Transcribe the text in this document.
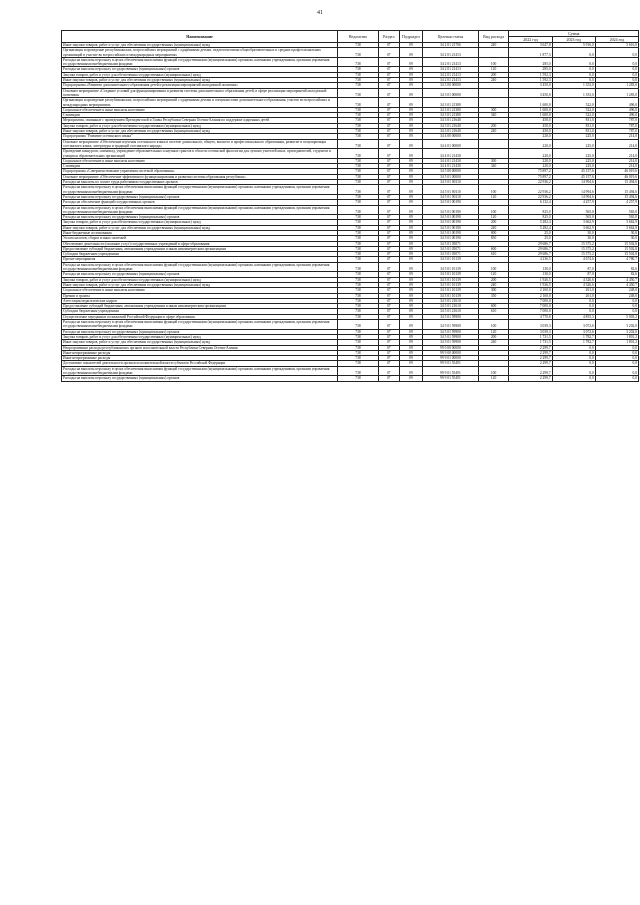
41
Наименование	Ведомство	Раздел	Подраздел	Целевая статья	Вид расхода	Сумма		
						2022 год	2023 год	2024 год
Иные закупки товаров, работ и услуг для обеспечения государственных (муниципальных) нужд	738	07	09	34 2 01 21706	240	3 647,8	5 916,0	5 616,0
Организация и проведение республиканских, всероссийских мероприятий с одарёнными детьми, педагогическими общеобразовательных и средних профессиональных организаций в участие во всероссийских и международных мероприятиях	738	07	09	34 2 01 21413		1 877,3	0,0	0,0
Расходы на выплаты персоналу в целях обеспечения выполнения функций государственными (муниципальными) органами, казенными учреждениями, органами управления государственными внебюджетными фондами	738	07	09	34 2 01 21413	100	285,0	0,0	0,0
Расходы на выплаты персоналу государственных (муниципальных) органов	738	07	09	34 2 01 21413	120	285,0	0,0	0,0
Закупка товаров, работ и услуг для обеспечения государственных (муниципальных) нужд	738	07	09	34 2 01 21413	200	1 592,3	0,0	0,0
Иные закупки товаров, работ и услуг для обеспечения государственных (муниципальных) нужд	738	07	09	34 2 01 21413	240	1 592,3	0,0	0,0
Подпрограмма «Развитие дополнительного образования детей и реализация мероприятий молодежной политики»	738	07	09	34 3 00 00000		3 450,0	1 353,0	1 283,0
Основное мероприятие «Создание условий для функционирования и развития системы дополнительного образования детей, в сфере реализации мероприятий молодежной политики»	738	07	09	34 3 01 00000		3 450,0	1 353,0	1 283,0
Организация и проведение республиканских, всероссийских мероприятий с одаренными детьми и специалистами дополнительного образования, участие во всероссийских и международных мероприятиях	738	07	09	34 3 01 21380		1 600,0	522,0	496,0
Социальное обеспечение и иные выплаты населению	738	07	09	34 3 01 21380	300	1 600,0	522,0	496,0
Стипендии	738	07	09	34 3 01 21380	340	1 600,0	522,0	496,0
Мероприятия, связанные с проведением Президентской и Главы Республики Северная Осетия-Алания по поддержке одаренных детей	738	07	09	34 3 01 21640		450,0	831,0	787,0
Закупка товаров, работ и услуг для обеспечения государственных (муниципальных) нужд	738	07	09	34 3 01 21640	200	450,0	831,0	787,0
Иные закупки товаров, работ и услуг для обеспечения государственных (муниципальных) нужд	738	07	09	34 3 01 21640	240	450,0	831,0	787,0
Подпрограмма "Развитие осетинского языка"	738	07	09	34 4 00 00000		220,0	225,0	214,0
Основное мероприятие «Обеспечение изучения осетинского языка в системе дошкольного, общего, высшего и профессионального образования, развитие и популяризация осетинского языка, литературы и традиций осетинского народа»	738	07	09	34 4 01 00000		220,0	225,0	214,0
Проведение конкурсов, олимпиад, учреждение образовательных и научных грантов в области осетинской филологии для лучших учителей школ, преподавателей, студентов и учащихся образовательных организаций	738	07	09	34 4 01 21430		220,0	225,0	214,0
Социальное обеспечение и иные выплаты населению	738	07	09	34 4 01 21430	300	220,0	225,0	214,0
Стипендии	738	07	09	34 4 01 21430	340	220,0	225,0	214,0
Подпрограмма «Совершенствование управления системой образования»	738	07	09	34 5 00 00000		75 897,2	45 157,6	46 019,6
Основное мероприятие «Обеспечение эффективного функционирования и развития системы образования республики»	738	07	09	34 5 01 00000		75 897,2	45 157,6	46 019,6
Расходы на выплаты по оплате труда работников государственных органов	738	07	09	34 5 01 00110		22 936,2	14 994,6	15 494,6
Расходы на выплаты персоналу в целях обеспечения выполнения функций государственными (муниципальными) органами, казенными учреждениями, органами управления государственными внебюджетными фондами	738	07	09	34 5 01 00110	100	22 936,2	14 994,6	15 494,6
Расходы на выплаты персоналу государственных (муниципальных) органов	738	07	09	34 5 01 00110	120	22 936,2	14 994,6	15 494,6
Расходы на обеспечение функций государственных органов	738	07	09	34 5 01 00190		6 132,4	4 257,9	4 257,9
Расходы на выплаты персоналу в целях обеспечения выполнения функций государственными (муниципальными) органами, казенными учреждениями, органами управления государственными внебюджетными фондами	738	07	09	34 5 01 00190	100	825,0	565,0	565,0
Расходы на выплаты персоналу государственных (муниципальных) органов	738	07	09	34 5 01 00190	120	825,0	565,0	565,0
Закупка товаров, работ и услуг для обеспечения государственных (муниципальных) нужд	738	07	09	34 5 01 00190	200	5 282,4	3 662,9	3 662,9
Иные закупки товаров, работ и услуг для обеспечения государственных (муниципальных) нужд	738	07	09	34 5 01 00190	240	5 282,4	3 662,9	3 662,9
Иные бюджетные ассигнования	738	07	09	34 5 01 00190	800	25,0	30,0	30,0
Уплата налогов, сборов и иных платежей	738	07	09	34 5 01 00190	850	25,0	30,0	30,0
Обеспечение деятельности (оказание услуг) государственных учреждений в сфере образования	738	07	09	34 5 01 05071		29 686,7	15 375,2	15 502,8
Предоставление субсидий бюджетным, автономным учреждениям и иным некоммерческим организациям	738	07	09	34 5 01 05071	600	29 686,7	15 375,2	15 502,8
Субсидии бюджетным учреждениям	738	07	09	34 5 01 05071	610	29 686,7	15 375,2	15 502,8
Прочие мероприятия	738	07	09	34 5 01 10139		4 236,5	4 674,6	4 780,7
Расходы на выплаты персоналу в целях обеспечения выполнения функций государственными (муниципальными) органами, казенными учреждениями, органами управления государственными внебюджетными фондами	738	07	09	34 5 01 10139	100	130,0	87,0	82,6
Расходы на выплаты персоналу государственных (муниципальных) органов	738	07	09	34 5 01 10139	120	130,0	87,0	82,6
Закупка товаров, работ и услуг для обеспечения государственных (муниципальных) нужд	738	07	09	34 5 01 10139	200	1 926,5	4 326,6	4 450,7
Иные закупки товаров, работ и услуг для обеспечения государственных (муниципальных) нужд	738	07	09	34 5 01 10139	240	1 926,5	4 326,6	4 450,7
Социальное обеспечение и иные выплаты населению	738	07	09	34 5 01 10139	300	2 160,0	261,0	248,0
Премии и гранты	738	07	09	34 5 01 10139	350	2 160,0	261,0	248,0
Аттестация педагогических кадров	738	07	09	34 5 01 21610		7 000,0	0,0	0,0
Предоставление субсидий бюджетным, автономным учреждениям и иным некоммерческим организациям	738	07	09	34 5 01 21610	600	7 000,0	0,0	0,0
Субсидии бюджетным учреждениям	738	07	09	34 5 01 21610	610	7 000,0	0,0	0,0
Осуществление переданных полномочий Российской Федерации в сфере образования	738	07	09	34 5 01 59900		4 770,8	4 855,3	5 003,2
Расходы на выплаты персоналу в целях обеспечения выполнения функций государственными (муниципальными) органами, казенными учреждениями, органами управления государственными внебюджетными фондами	738	07	09	34 5 01 59900	100	3 039,3	3 072,6	3 202,0
Расходы на выплаты персоналу государственных (муниципальных) органов	738	07	09	34 5 01 59900	120	3 039,3	3 072,6	3 202,0
Закупка товаров, работ и услуг для обеспечения государственных (муниципальных) нужд	738	07	09	34 5 01 59900	200	1 731,5	1 782,7	1 801,2
Иные закупки товаров, работ и услуг для обеспечения государственных (муниципальных) нужд	738	07	09	34 5 01 59900	240	1 731,5	1 782,7	1 801,2
Непрограммные расходы республиканских органов исполнительной власти Республики Северная Осетия-Алания	738	07	09	99 0 00 00000		2 299,7	0,0	0,0
Иные непрограммные расходы	738	07	09	99 9 00 00000		2 299,7	0,0	0,0
Иные непрограммные расходы	738	07	09	99 9 01 00000		2 299,7	0,0	0,0
Достижение показателей деятельности органов исполнительной власти субъектов Российской Федерации	738	07	09	99 9 01 55491		2 299,7	0,0	0,0
Расходы на выплаты персоналу в целях обеспечения выполнения функций государственными (муниципальными) органами, казенными учреждениями, органами управления государственными внебюджетными фондами	738	07	09	99 9 01 55491	100	2 299,7	0,0	0,0
Расходы на выплаты персоналу государственных (муниципальных) органов	738	07	09	99 9 01 55491	120	2 299,7	0,0	0,0
